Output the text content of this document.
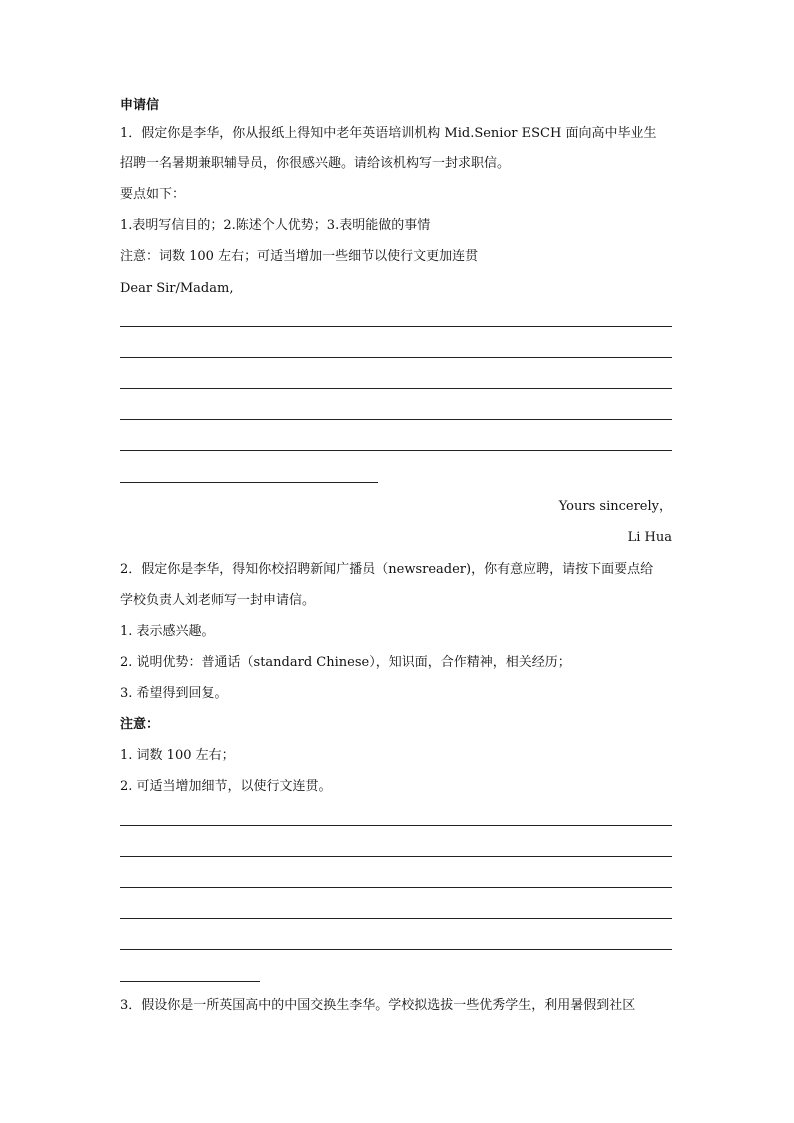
申请信
1．假定你是李华，你从报纸上得知中老年英语培训机构 Mid.Senior ESCH 面向高中毕业生
招聘一名暑期兼职辅导员，你很感兴趣。请给该机构写一封求职信。
要点如下：
1.表明写信目的；2.陈述个人优势；3.表明能做的事情
注意：词数 100 左右；可适当增加一些细节以使行文更加连贯
Dear Sir/Madam,
Yours sincerely，
Li Hua
2．假定你是李华，得知你校招聘新闻广播员（newsreader)，你有意应聘，请按下面要点给
学校负责人刘老师写一封申请信。
1. 表示感兴趣。
2. 说明优势：普通话（standard Chinese），知识面，合作精神，相关经历；
3. 希望得到回复。
注意：
1. 词数 100 左右；
2. 可适当增加细节，以使行文连贯。
3．假设你是一所英国高中的中国交换生李华。学校拟选拔一些优秀学生，利用暑假到社区
